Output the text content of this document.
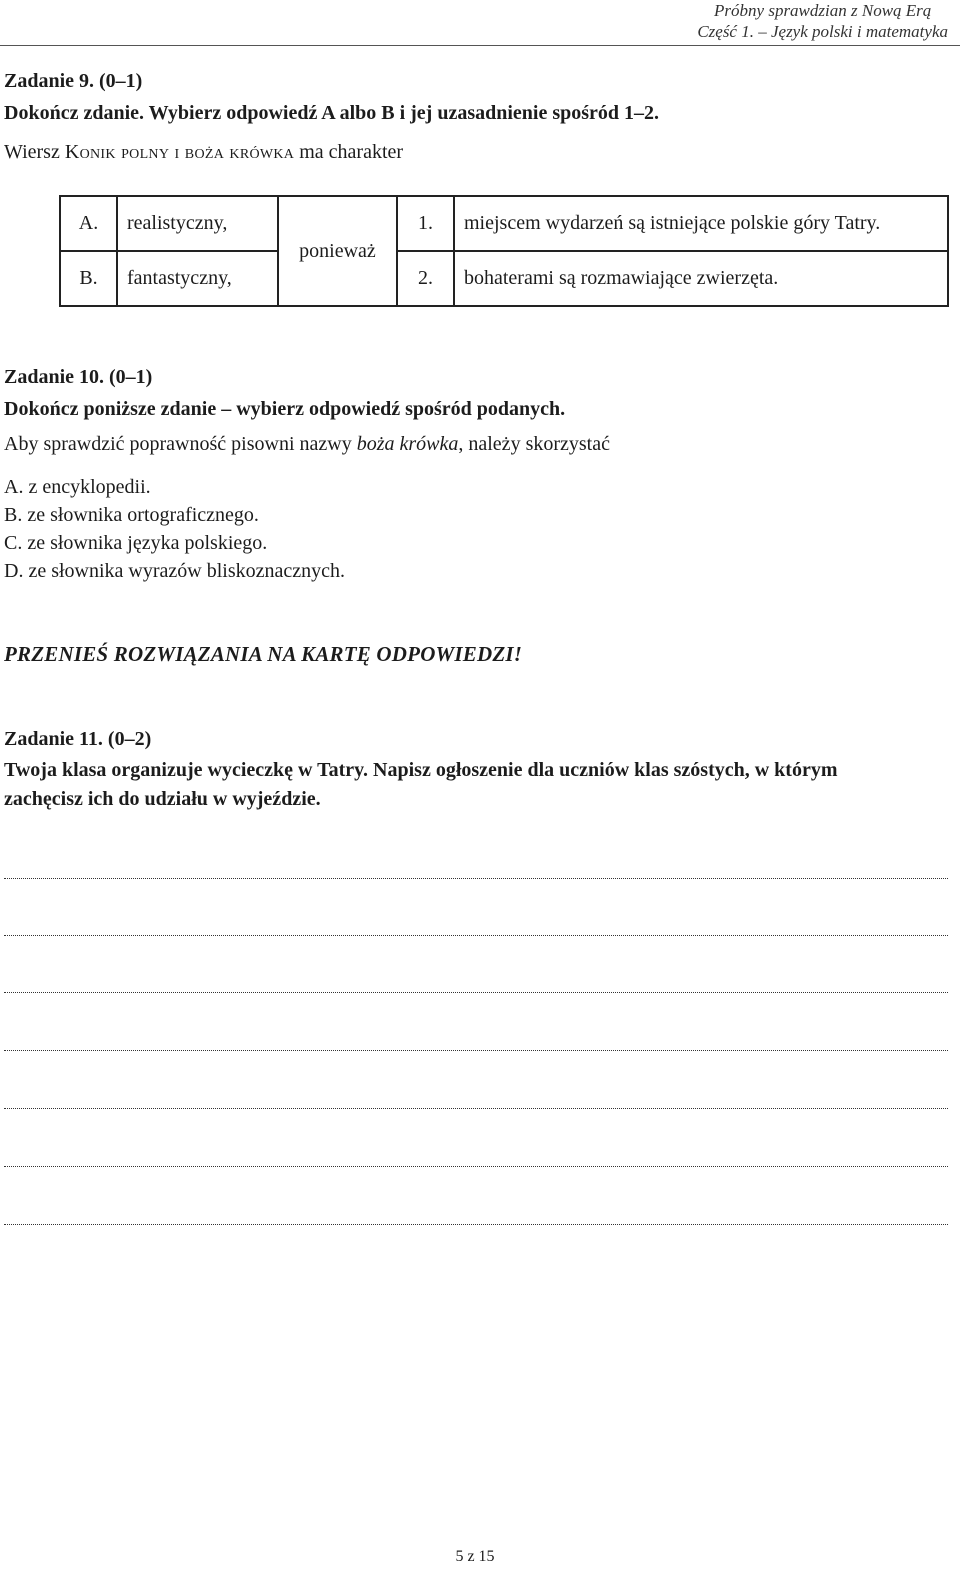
Próbny sprawdzian z Nową Erą
Część 1. – Język polski i matematyka
Zadanie 9. (0–1)
Dokończ zdanie. Wybierz odpowiedź A albo B i jej uzasadnienie spośród 1–2.
Wiersz Konik polny i boża krówka ma charakter
A.	realistyczny,	ponieważ	1.	miejscem wydarzeń są istniejące polskie góry Tatry.
B.	fantastyczny,		2.	bohaterami są rozmawiające zwierzęta.
Zadanie 10. (0–1)
Dokończ poniższe zdanie – wybierz odpowiedź spośród podanych.
Aby sprawdzić poprawność pisowni nazwy boża krówka, należy skorzystać
A. z encyklopedii.
B. ze słownika ortograficznego.
C. ze słownika języka polskiego.
D. ze słownika wyrazów bliskoznacznych.
PRZENIEŚ ROZWIĄZANIA NA KARTĘ ODPOWIEDZI!
Zadanie 11. (0–2)
Twoja klasa organizuje wycieczkę w Tatry. Napisz ogłoszenie dla uczniów klas szóstych, w którym
zachęcisz ich do udziału w wyjeździe.
5 z 15
